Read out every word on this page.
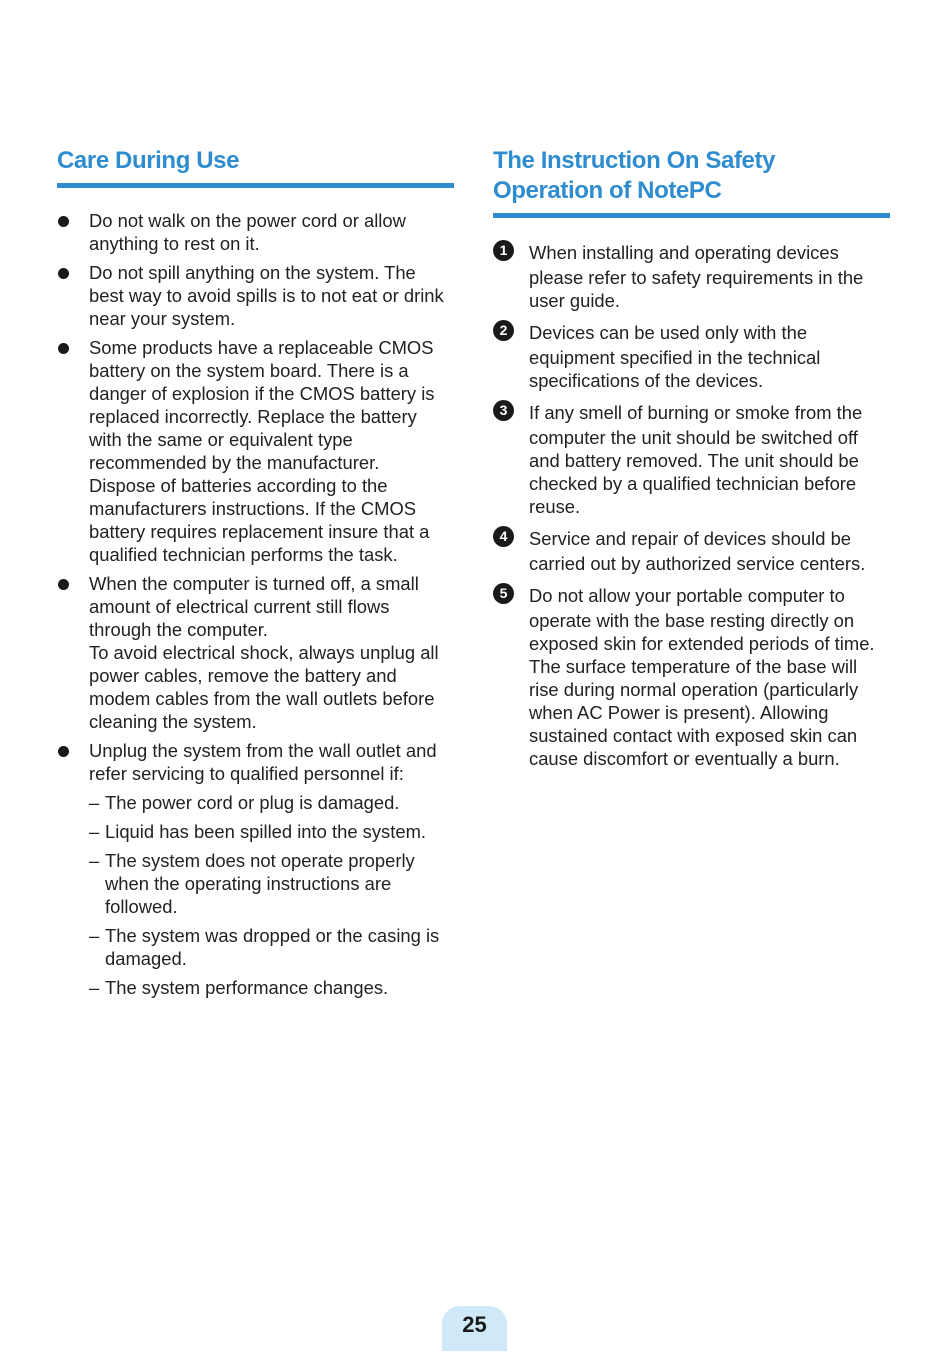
Care During Use
Do not walk on the power cord or allow anything to rest on it.
Do not spill anything on the system. The best way to avoid spills is to not eat or drink near your system.
Some products have a replaceable CMOS battery on the system board. There is a danger of explosion if the CMOS battery is replaced incorrectly. Replace the battery with the same or equivalent type recommended by the manufacturer.
Dispose of batteries according to the manufacturers instructions. If the CMOS battery requires replacement insure that a qualified technician performs the task.
When the computer is turned off, a small amount of electrical current still flows through the computer.
To avoid electrical shock, always unplug all power cables, remove the battery and modem cables from the wall outlets before cleaning the system.
Unplug the system from the wall outlet and refer servicing to qualified personnel if:
– The power cord or plug is damaged.
– Liquid has been spilled into the system.
– The system does not operate properly when the operating instructions are followed.
– The system was dropped or the casing is damaged.
– The system performance changes.
The Instruction On Safety Operation of NotePC
1	When installing and operating devices
please refer to safety requirements in the user guide.
2	Devices can be used only with the
equipment specified in the technical specifications of the devices.
3	If any smell of burning or smoke from the
computer the unit should be switched off and battery removed. The unit should be checked by a qualified technician before reuse.
4	Service and repair of devices should be
carried out by authorized service centers.
5	Do not allow your portable computer to
operate with the base resting directly on exposed skin for extended periods of time. The surface temperature of the base will rise during normal operation (particularly when AC Power is present). Allowing sustained contact with exposed skin can cause discomfort or eventually a burn.
25
